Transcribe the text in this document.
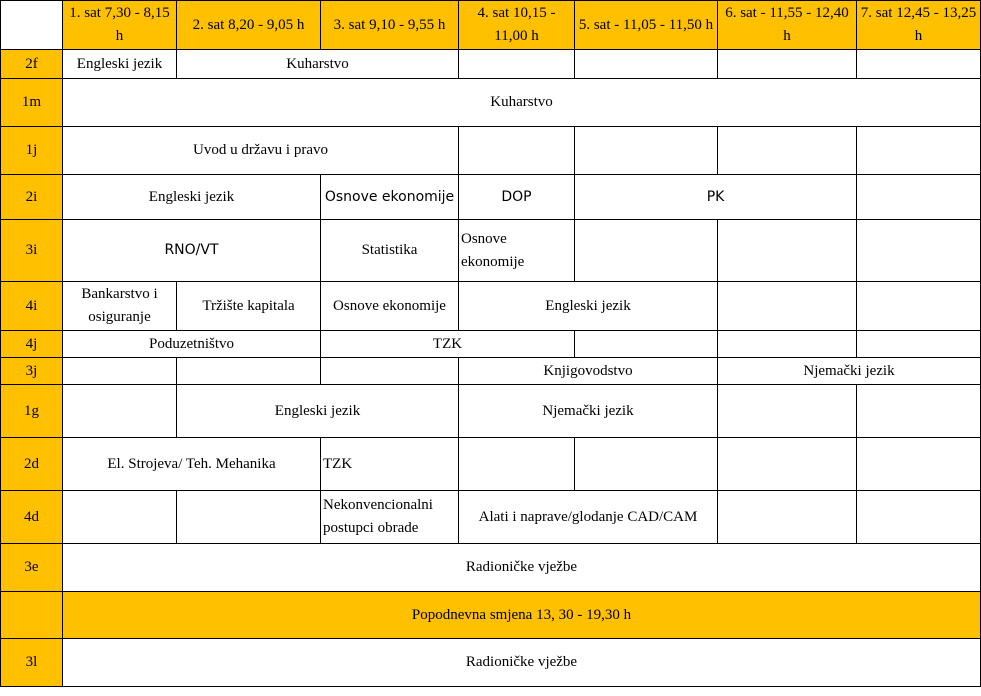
	1. sat 7,30 - 8,15 h	2. sat 8,20 - 9,05 h	3. sat 9,10 - 9,55 h	4. sat 10,15 - 11,00 h	5. sat - 11,05 - 11,50 h	6. sat - 11,55 - 12,40 h	7. sat 12,45 - 13,25 h
2f	Engleski jezik	Kuharstvo					
1m	Kuharstvo						
1j	Uvod u državu i pravo						
2i	Engleski jezik		Osnove ekonomije	DOP	PK		
3i	RNO/VT		Statistika	Osnove ekonomije			
4i	Bankarstvo i osiguranje	Tržište kapitala	Osnove ekonomije	Engleski jezik			
4j	Poduzetništvo		TZK				
3j				Knjigovodstvo		Njemački jezik	
1g		Engleski jezik		Njemački jezik			
2d	El. Strojeva/ Teh. Mehanika		TZK				
4d			Nekonvencionalni postupci obrade	Alati i naprave/glodanje CAD/CAM			
3e	Radioničke vježbe						
	Popodnevna smjena 13, 30 - 19,30 h						
3l	Radioničke vježbe						
